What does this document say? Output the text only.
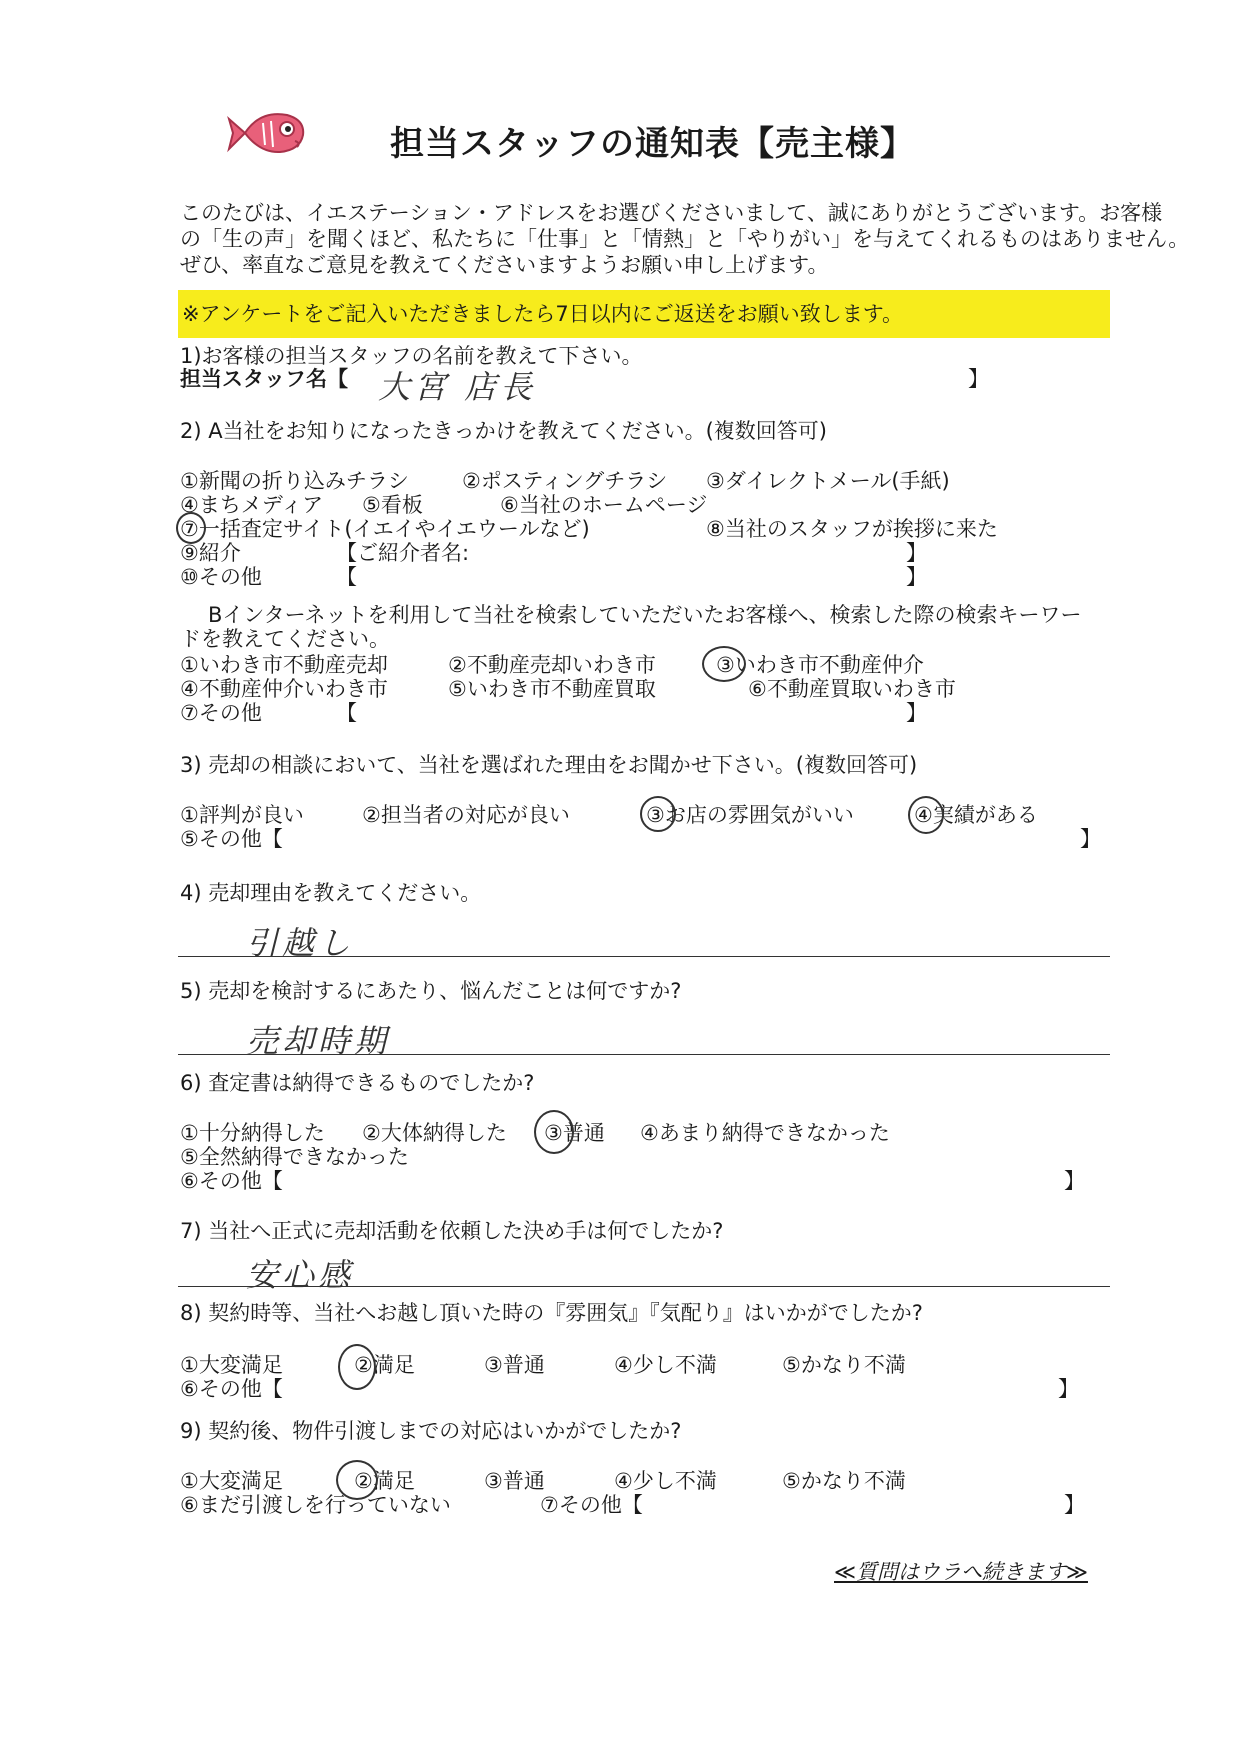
担当スタッフの通知表【売主様】
このたびは、イエステーション・アドレスをお選びくださいまして、誠にありがとうございます。お客様
の「生の声」を聞くほど、私たちに「仕事」と「情熱」と「やりがい」を与えてくれるものはありません。
ぜひ、率直なご意見を教えてくださいますようお願い申し上げます。
※アンケートをご記入いただきましたら7日以内にご返送をお願い致します。
1)お客様の担当スタッフの名前を教えて下さい。
担当スタッフ名【 大宮 店長	】
2) A当社をお知りになったきっかけを教えてください。(複数回答可)
①新聞の折り込みチラシ	②ポスティングチラシ ③ダイレクトメール(手紙)
④まちメディア ⑤看板	⑥当社のホームページ
⑦一括査定サイト(イエイやイエウールなど)	⑧当社のスタッフが挨拶に来た
⑨紹介	【ご紹介者名:	】
⑩その他	【	】
Bインターネットを利用して当社を検索していただいたお客様へ、検索した際の検索キーワー
ドを教えてください。
①いわき市不動産売却	②不動産売却いわき市	③いわき市不動産仲介
④不動産仲介いわき市	⑤いわき市不動産買取	⑥不動産買取いわき市
⑦その他	【	】
3) 売却の相談において、当社を選ばれた理由をお聞かせ下さい。(複数回答可)
①評判が良い	②担当者の対応が良い	③お店の雰囲気がいい	④実績がある
⑤その他【	】
4) 売却理由を教えてください。
引越し
5) 売却を検討するにあたり、悩んだことは何ですか?
売却時期
6) 査定書は納得できるものでしたか?
①十分納得した ②大体納得した ③普通 ④あまり納得できなかった
⑤全然納得できなかった
⑥その他【	】
7) 当社へ正式に売却活動を依頼した決め手は何でしたか?
安心感
8) 契約時等、当社へお越し頂いた時の『雰囲気』『気配り』はいかがでしたか?
①大変満足	②満足	③普通	④少し不満	⑤かなり不満
⑥その他【	】
9) 契約後、物件引渡しまでの対応はいかがでしたか?
①大変満足	②満足	③普通	④少し不満	⑤かなり不満
⑥まだ引渡しを行っていない	⑦その他【	】
≪質問はウラへ続きます≫
